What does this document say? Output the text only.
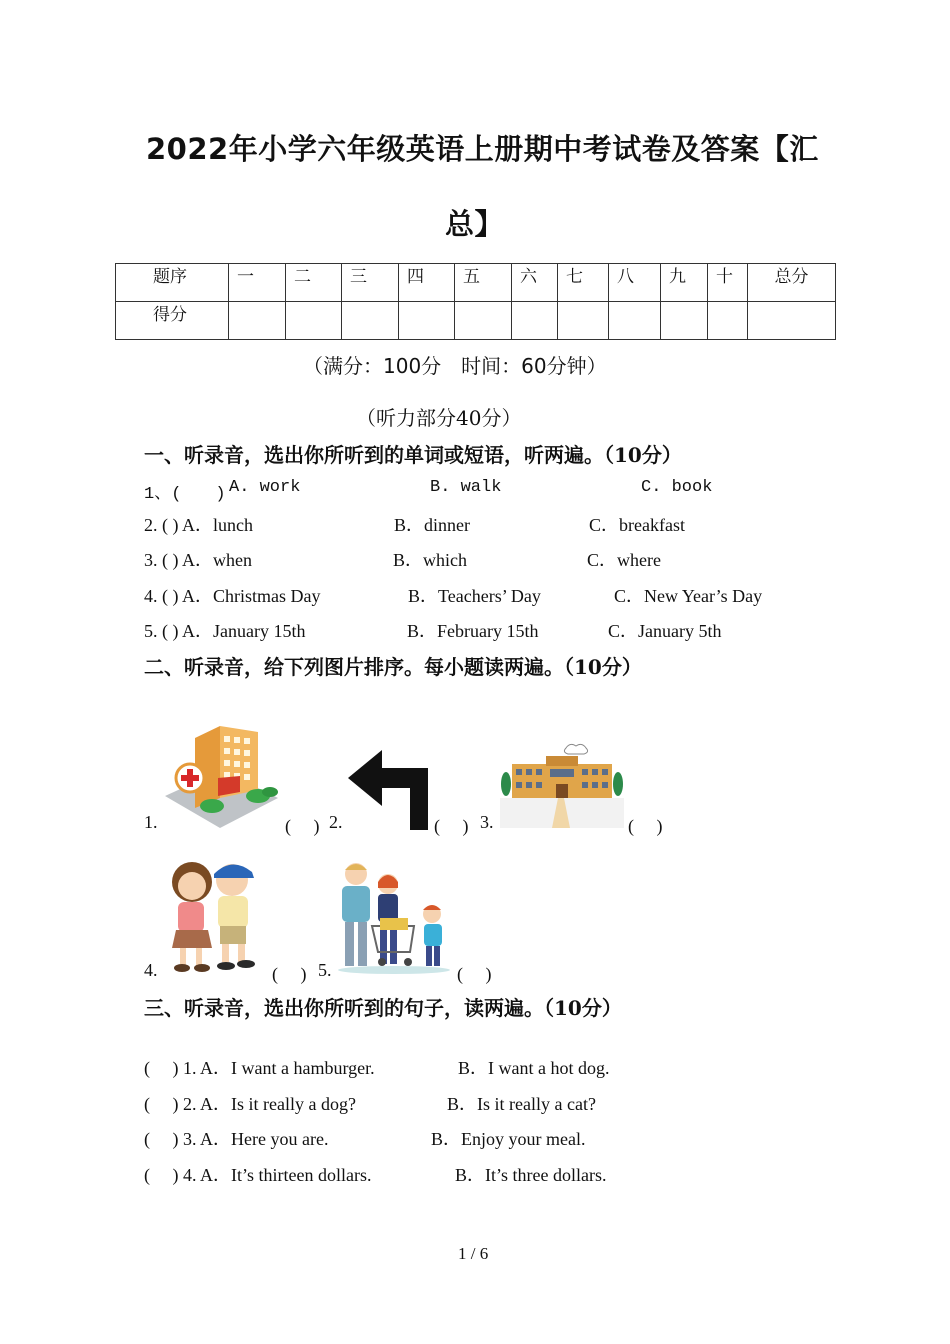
2022年小学六年级英语上册期中考试卷及答案【汇
总】
题序	一	二	三	四	五	六	七	八	九	十	总分
得分											
（满分：100分　时间：60分钟）
（听力部分40分）
一、听录音，选出你所听到的单词或短语，听两遍。（10分）
1、(　　) A. work	B. walk	C. book
2. ( ) A．lunch	B．dinner	C．breakfast
3. ( ) A．when	B．which	C．where
4. ( ) A．Christmas Day	B．Teachers’ Day	C．New Year’s Day
5. ( ) A．January 15th	B．February 15th	C．January 5th
二、听录音，给下列图片排序。每小题读两遍。（10分）
1.	(　 ) 2.	(　 ) 3.	(　 )
4.	(　 ) 5.	(　 )
三、听录音，选出你所听到的句子，读两遍。（10分）
(　 ) 1. A．I want a hamburger.	B．I want a hot dog.
(　 ) 2. A．Is it really a dog?	B．Is it really a cat?
(　 ) 3. A．Here you are.	B．Enjoy your meal.
(　 ) 4. A．It’s thirteen dollars.	B．It’s three dollars.
1 / 6
